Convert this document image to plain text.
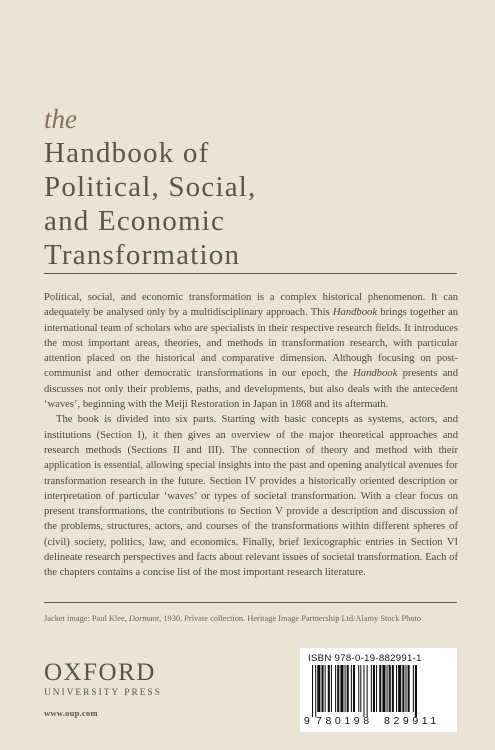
the
Handbook of
Political, Social,
and Economic
Transformation

Political, social, and economic transformation is a complex historical phenomenon. It can adequately be analysed only by a multidisciplinary approach. This Handbook brings together an international team of scholars who are specialists in their respective research fields. It introduces the most important areas, theories, and methods in transformation research, with particular attention placed on the historical and comparative dimension. Although focusing on post-communist and other democratic transformations in our epoch, the Handbook presents and discusses not only their problems, paths, and developments, but also deals with the antecedent ‘waves’, beginning with the Meiji Restoration in Japan in 1868 and its aftermath.

The book is divided into six parts. Starting with basic concepts as systems, actors, and institutions (Section I), it then gives an overview of the major theoretical approaches and research methods (Sections II and III). The connection of theory and method with their application is essential, allowing special insights into the past and opening analytical avenues for transformation research in the future. Section IV provides a historically oriented description or interpretation of particular ‘waves’ or types of societal transformation. With a clear focus on present transformations, the contributions to Section V provide a description and discussion of the problems, structures, actors, and courses of the transformations within different spheres of (civil) society, politics, law, and economics. Finally, brief lexicographic entries in Section VI delineate research perspectives and facts about relevant issues of societal transformation. Each of the chapters contains a concise list of the most important research literature.

Jacket image: Paul Klee, Dormant, 1930. Private collection. Heritage Image Partnership Ltd/Alamy Stock Photo
OXFORD
UNIVERSITY PRESS
www.oup.com
ISBN 978-0-19-882991-1
9 780198 829911
